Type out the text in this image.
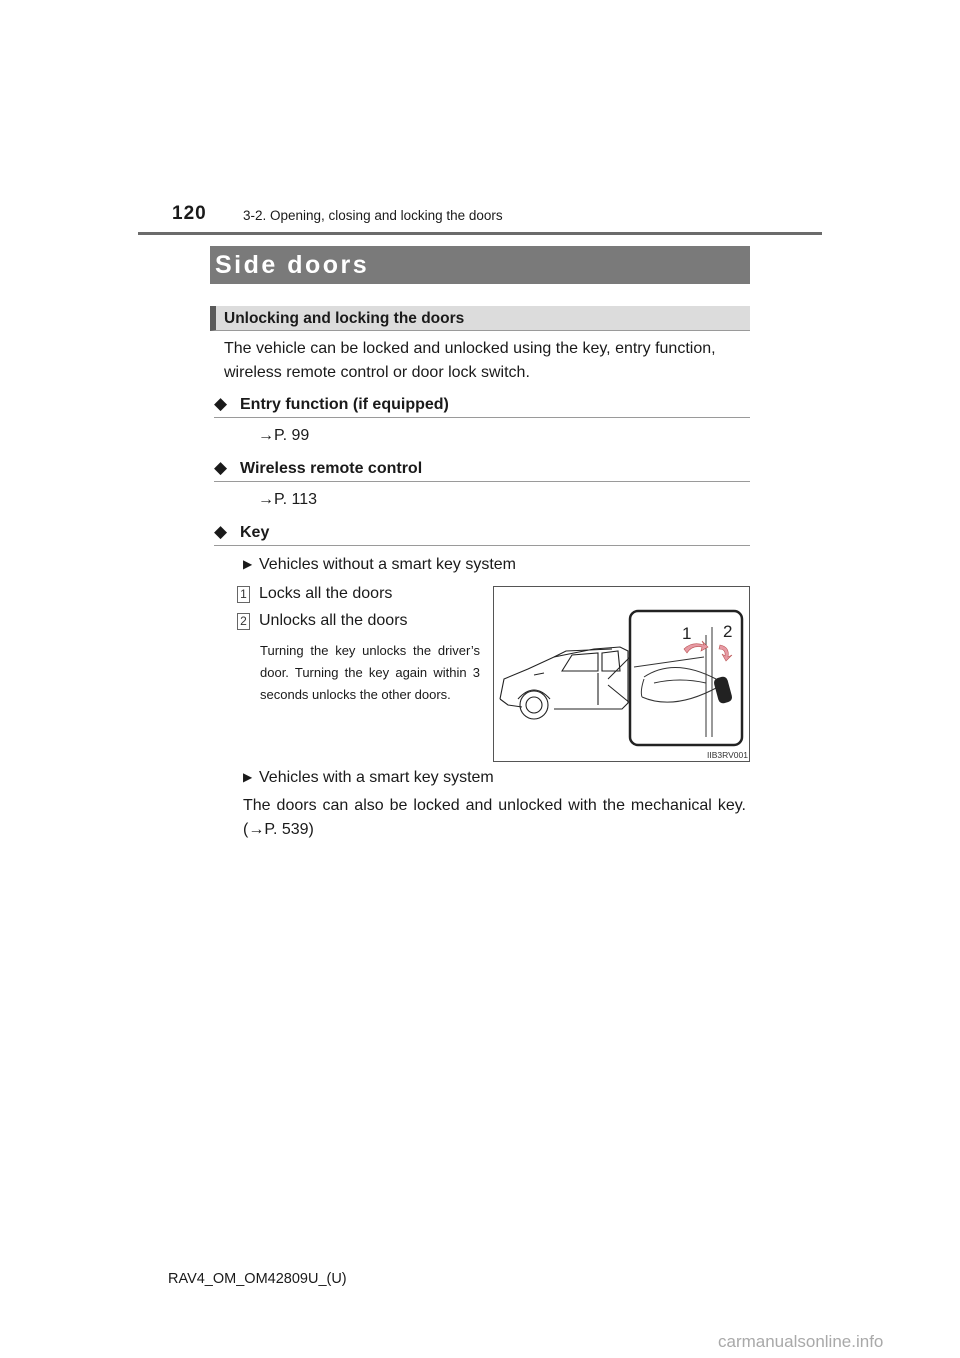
120	3-2. Opening, closing and locking the doors
Side doors
Unlocking and locking the doors
The vehicle can be locked and unlocked using the key, entry function, wireless remote control or door lock switch.
◆ Entry function (if equipped)
→P. 99
◆ Wireless remote control
→P. 113
◆ Key
▶ Vehicles without a smart key system
1 Locks all the doors
2 Unlocks all the doors
Turning the key unlocks the driver’s door. Turning the key again within 3 seconds unlocks the other doors.
1 2
IIB3RV001
▶ Vehicles with a smart key system
The doors can also be locked and unlocked with the mechanical key. (→P. 539)
RAV4_OM_OM42809U_(U)
carmanualsonline.info
